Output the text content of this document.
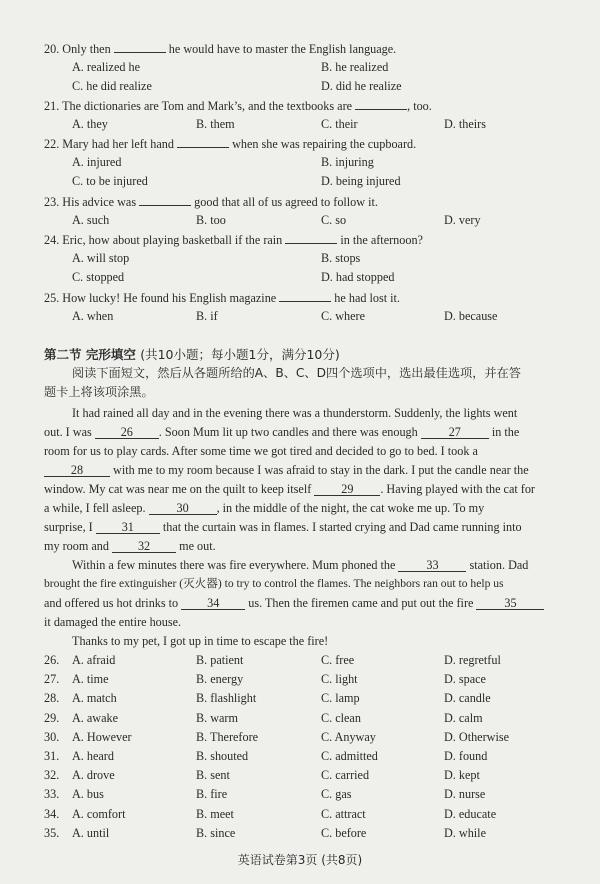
20. Only then	he would have to master the English language.
A. realized he	B. he realized
C. he did realize	D. did he realize
21. The dictionaries are Tom and Mark’s, and the textbooks are	, too.
A. they	B. them	C. their	D. theirs
22. Mary had her left hand	when she was repairing the cupboard.
A. injured	B. injuring
C. to be injured	D. being injured
23. His advice was	good that all of us agreed to follow it.
A. such	B. too	C. so	D. very
24. Eric, how about playing basketball if the rain	in the afternoon?
A. will stop	B. stops
C. stopped	D. had stopped
25. How lucky! He found his English magazine	he had lost it.
A. when	B. if	C. where	D. because
第二节 完形填空 (共10小题；每小题1分，满分10分)
阅读下面短文，然后从各题所给的A、B、C、D四个选项中，选出最佳选项，并在答
题卡上将该项涂黑。
It had rained all day and in the evening there was a thunderstorm. Suddenly, the lights went
out. I was 26 . Soon Mum lit up two candles and there was enough	27	in the
room for us to play cards. After some time we got tired and decided to go to bed. I took a
28 with me to my room because I was afraid to stay in the dark. I put the candle near the
window. My cat was near me on the quilt to keep itself 29 . Having played with the cat for
a while, I fell asleep.	30 , in the middle of the night, the cat woke me up. To my
surprise, I 31 that the curtain was in flames. I started crying and Dad came running into
my room and 32 me out.
Within a few minutes there was fire everywhere. Mum phoned the	33	station. Dad
brought the fire extinguisher (灭火器) to try to control the flames. The neighbors ran out to help us
and offered us hot drinks to 34 us. Then the firemen came and put out the fire	35
it damaged the entire house.
Thanks to my pet, I got up in time to escape the fire!
26. A. afraid	B. patient	C. free	D. regretful
27. A. time	B. energy	C. light	D. space
28. A. match	B. flashlight	C. lamp	D. candle
29. A. awake	B. warm	C. clean	D. calm
30. A. However	B. Therefore	C. Anyway	D. Otherwise
31. A. heard	B. shouted	C. admitted	D. found
32. A. drove	B. sent	C. carried	D. kept
33. A. bus	B. fire	C. gas	D. nurse
34. A. comfort	B. meet	C. attract	D. educate
35. A. until	B. since	C. before	D. while
英语试卷第3页 (共8页)
